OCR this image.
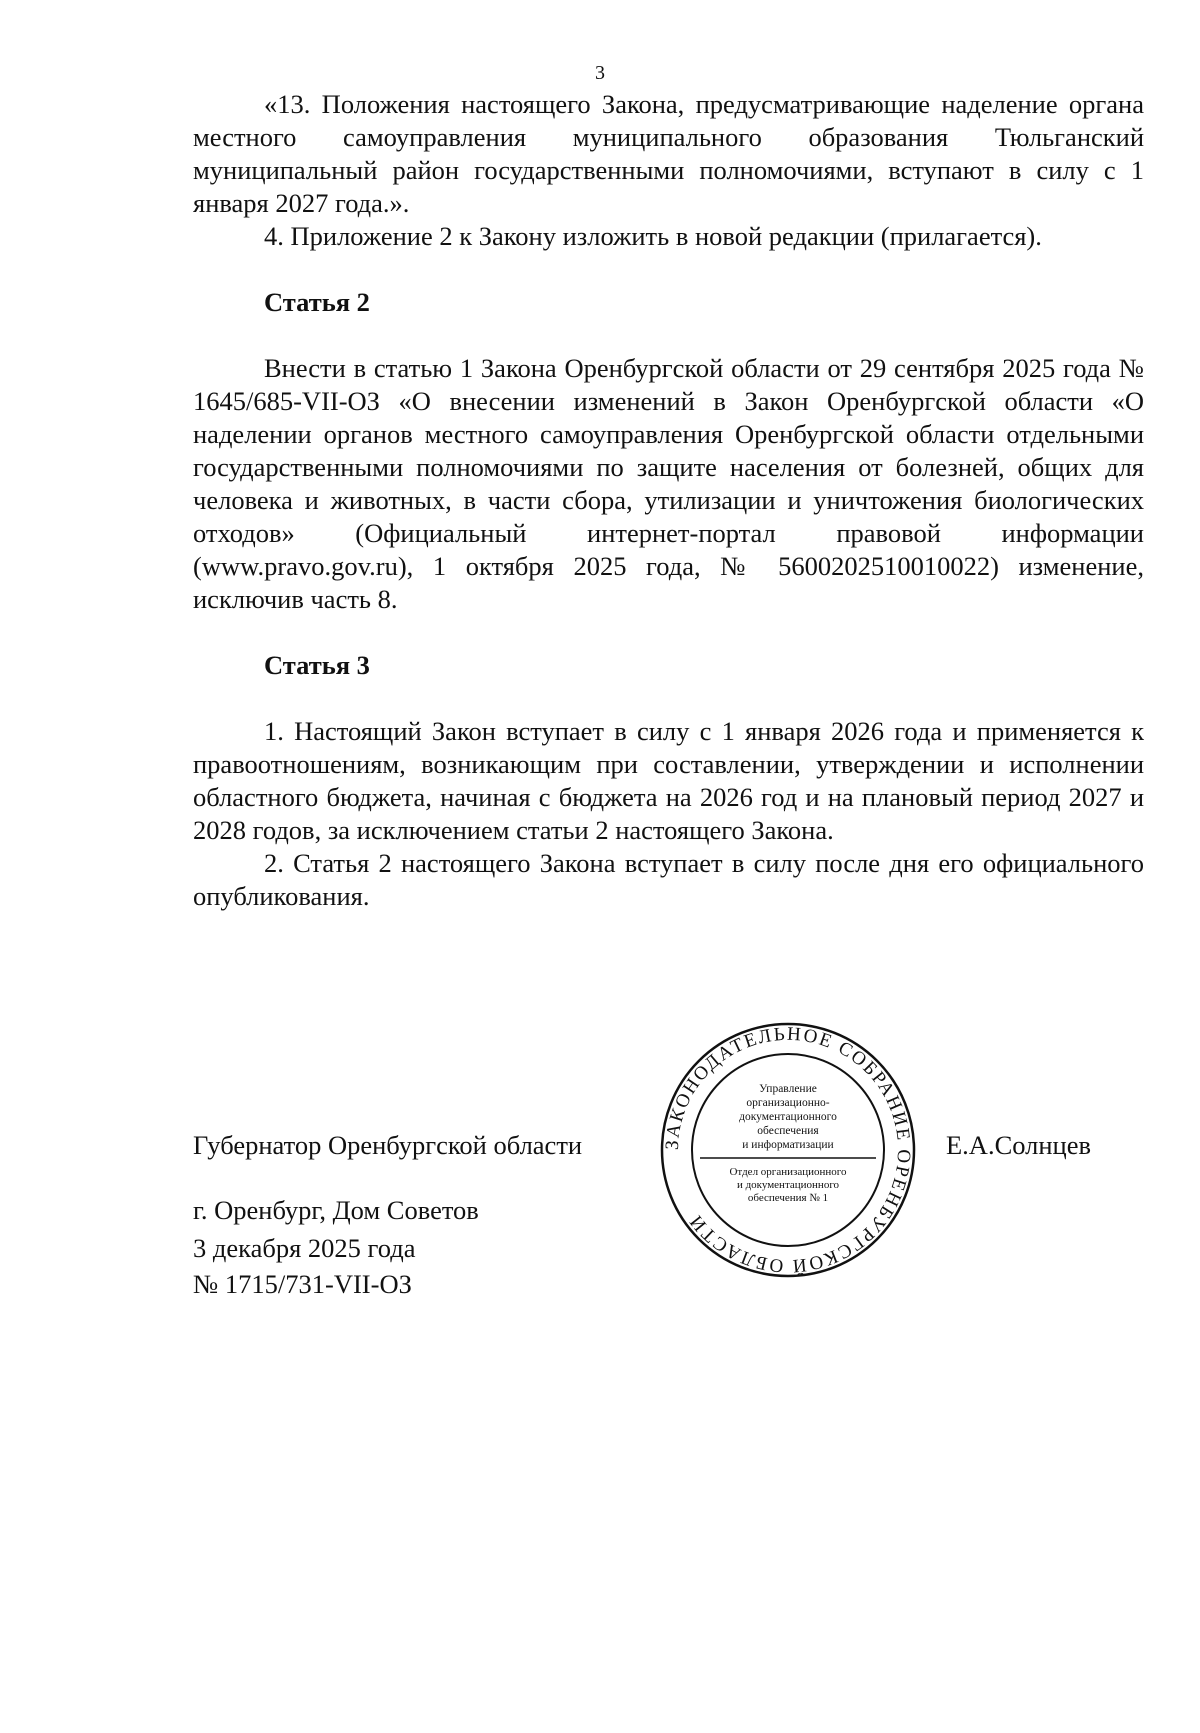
3

«13. Положения настоящего Закона, предусматривающие наделение органа местного самоуправления муниципального образования Тюльганский муниципальный район государственными полномочиями, вступают в силу с 1 января 2027 года.».

4. Приложение 2 к Закону изложить в новой редакции (прилагается).

Статья 2

Внести в статью 1 Закона Оренбургской области от 29 сентября 2025 года № 1645/685-VII-ОЗ «О внесении изменений в Закон Оренбургской области «О наделении органов местного самоуправления Оренбургской области отдельными государственными полномочиями по защите населения от болезней, общих для человека и животных, в части сбора, утилизации и уничтожения биологических отходов» (Официальный интернет-портал правовой информации (www.pravo.gov.ru), 1 октября 2025 года, № 5600202510010022) изменение, исключив часть 8.

Статья 3

1. Настоящий Закон вступает в силу с 1 января 2026 года и применяется к правоотношениям, возникающим при составлении, утверждении и исполнении областного бюджета, начиная с бюджета на 2026 год и на плановый период 2027 и 2028 годов, за исключением статьи 2 настоящего Закона.

2. Статья 2 настоящего Закона вступает в силу после дня его официального опубликования.

Губернатор Оренбургской области	Е.А.Солнцев
г. Оренбург, Дом Советов
3 декабря 2025 года
№ 1715/731-VII-ОЗ
ЗАКОНОДАТЕЛЬНОЕ СОБРАНИЕ ОРЕНБУРГСКОЙ ОБЛАСТИ
Управление
организационно-
документационного
обеспечения
и информатизации
Отдел организационного
и документационного
обеспечения № 1
